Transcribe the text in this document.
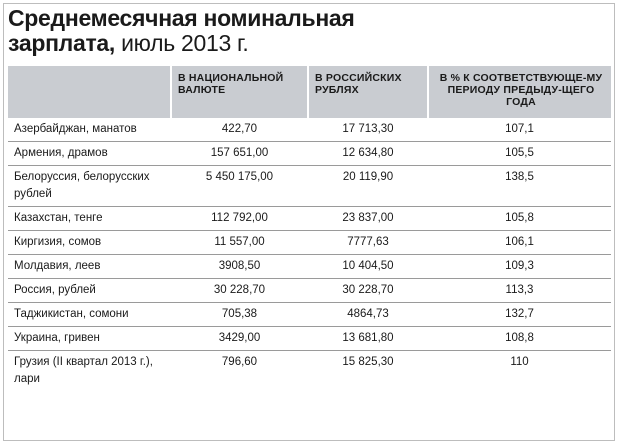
Среднемесячная номинальная
зарплата, июль 2013 г.
	В НАЦИОНАЛЬНОЙ ВАЛЮТЕ	В РОССИЙСКИХ РУБЛЯХ	В % К СООТВЕТСТВУЮЩЕ-МУ ПЕРИОДУ ПРЕДЫДУ-ЩЕГО ГОДА
Азербайджан, манатов	422,70	17 713,30	107,1
Армения, драмов	157 651,00	12 634,80	105,5
Белоруссия, белорусских рублей	5 450 175,00	20 119,90	138,5
Казахстан, тенге	112 792,00	23 837,00	105,8
Киргизия, сомов	11 557,00	7777,63	106,1
Молдавия, леев	3908,50	10 404,50	109,3
Россия, рублей	30 228,70	30 228,70	113,3
Таджикистан, сомони	705,38	4864,73	132,7
Украина, гривен	3429,00	13 681,80	108,8
Грузия (II квартал 2013 г.), лари	796,60	15 825,30	110
